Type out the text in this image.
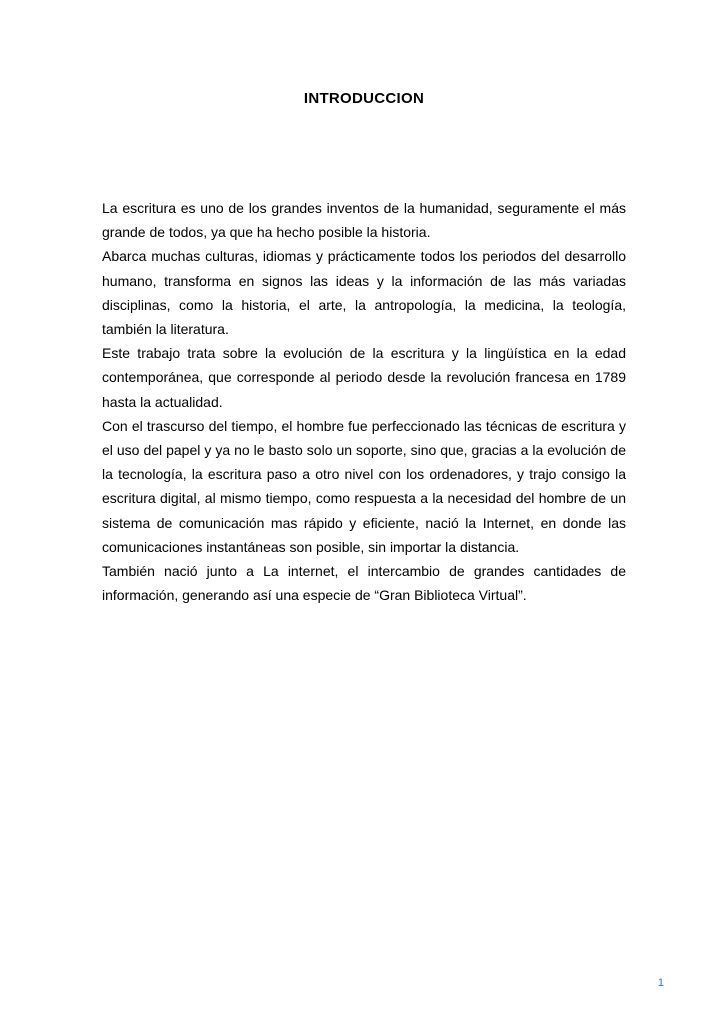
INTRODUCCION

La escritura es uno de los grandes inventos de la humanidad, seguramente el más grande de todos, ya que ha hecho posible la historia.

Abarca muchas culturas, idiomas y prácticamente todos los periodos del desarrollo humano, transforma en signos las ideas y la información de las más variadas disciplinas, como la historia, el arte, la antropología, la medicina, la teología, también la literatura.

Este trabajo trata sobre la evolución de la escritura y la lingüística en la edad contemporánea, que corresponde al periodo desde la revolución francesa en 1789 hasta la actualidad.

Con el trascurso del tiempo, el hombre fue perfeccionado las técnicas de escritura y el uso del papel y ya no le basto solo un soporte, sino que, gracias a la evolución de la tecnología, la escritura paso a otro nivel con los ordenadores, y trajo consigo la escritura digital, al mismo tiempo, como respuesta a la necesidad del hombre de un sistema de comunicación mas rápido y eficiente, nació la Internet, en donde las comunicaciones instantáneas son posible, sin importar la distancia.

También nació junto a La internet, el intercambio de grandes cantidades de información, generando así una especie de “Gran Biblioteca Virtual”.

1
